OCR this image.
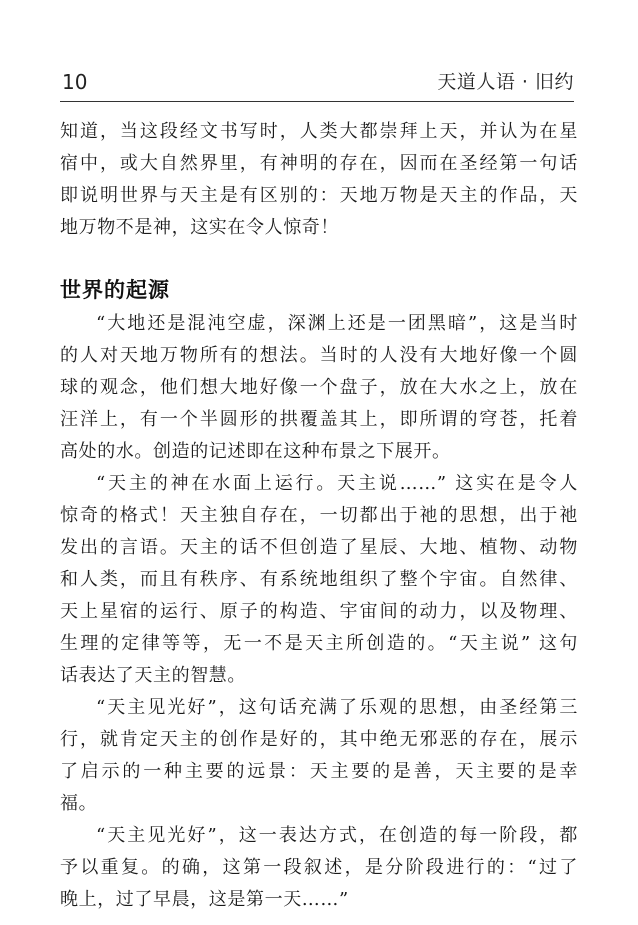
10	天道人语 · 旧约
知道，当这段经文书写时，人类大都崇拜上天，并认为在星
宿中，或大自然界里，有神明的存在，因而在圣经第一句话
即说明世界与天主是有区别的：天地万物是天主的作品，天
地万物不是神，这实在令人惊奇！
世界的起源
“大地还是混沌空虚，深渊上还是一团黑暗”，这是当时
的人对天地万物所有的想法。当时的人没有大地好像一个圆
球的观念，他们想大地好像一个盘子，放在大水之上，放在
汪洋上，有一个半圆形的拱覆盖其上，即所谓的穹苍，托着
高处的水。创造的记述即在这种布景之下展开。
“天主的神在水面上运行。天主说……” 这实在是令人
惊奇的格式！天主独自存在，一切都出于祂的思想，出于祂
发出的言语。天主的话不但创造了星辰、大地、植物、动物
和人类，而且有秩序、有系统地组织了整个宇宙。自然律、
天上星宿的运行、原子的构造、宇宙间的动力，以及物理、
生理的定律等等，无一不是天主所创造的。“天主说” 这句
话表达了天主的智慧。
“天主见光好”，这句话充满了乐观的思想，由圣经第三
行，就肯定天主的创作是好的，其中绝无邪恶的存在，展示
了启示的一种主要的远景：天主要的是善，天主要的是幸
福。
“天主见光好”，这一表达方式，在创造的每一阶段，都
予以重复。的确，这第一段叙述，是分阶段进行的：“过了
晚上，过了早晨，这是第一天……”
